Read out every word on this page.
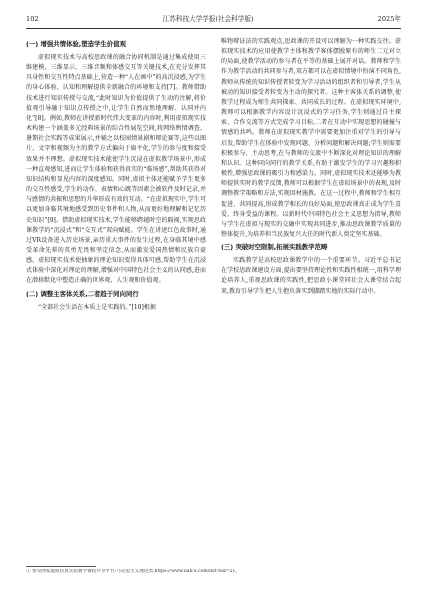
102	江苏科技大学学报(社会科学版)	2025年
(一) 增强共情体验,塑造学生价值观

虚拟现实技术与高校思政课的融合协同机制是通过集成使用三维建模、三维显示、三维音频和体感交互等关键技术,在充分发挥其具身性和交互性特点基础上,营造一种“人在画中”的高沉浸感,为学生的身心体验、认知和理解提供全新融合的环境和支持[7]。教师借助技术进行知识传授与交流,“此时知识为价值提供了生动的注解,将价值观引导融于知识点传授之中,让学生自然而然地理解、认同并内化”[8]。例如,教师在讲授新时代伟大变革的内容时,利用虚拟现实技术构建一个涵盖多元经典场景的综合性展览空间,将网络舆情调查、暑期社会实践等成果展示,并辅之以校园情景剧和辩论赛等,这些以图片、文字和视频为主的教学方式偏向于扁平化,学生的参与度和接受效果并不理想。虚拟现实技术能使学生沉浸在虚拟教学场景中,形成一种直观感知,进而让学生体验和获得真实的“临场感”,帮助其获得对知识结构和显见内容的深度感知。同时,虚拟主体还能赋予学生更多的交互性感受,学生的动作、表情和心跳等因素会被软件及时记录,并与感情的共振和思想的升华形成有效的互动。“在虚拟现实中,学生可以更加身临其境地感受到历史事件和人物,从而更好地理解和记忆历史知识”[9]。借助虚拟现实技术,学生能够跨越时空的隔阂,实现思政课教学的“沉浸式”和“交互式”双向赋能。学生在讲述红色故事时,通过VR设备进入历史场景,亲历重大事件的发生过程,在身临其境中感受革命先辈的英勇无畏和坚定信念,从而激发爱国热情和民族自豪感。虚拟现实技术使抽象的理论知识变得具体可感,帮助学生在沉浸式体验中深化对理论的理解,增强对中国特色社会主义的认同感,进而在潜移默化中塑造正确的世界观、人生观和价值观。

(二) 调整主客体关系,二者趋于同向同行

“全部社会生活在本质上是实践的。”[10]根据

唯物辩证法的实践观点,思政课的开设可以理解为一种实践交往。虚拟现实技术的应用使教学主体和教学客体摆脱原有的师生二元对立的局面,使教学活动的参与者在平等的基础上展开对话。教师和学生作为教学活动的共同参与者,双方都可以在虚拟情境中扮演不同角色,教师从传统的知识传授者转变为学习活动的组织者和引导者,学生从被动的知识接受者转变为主动的探究者。这种主客体关系的调整,使教学过程成为师生共同探索、共同成长的过程。在虚拟现实环境中,教师可以根据教学内容设计沉浸式的学习任务,学生则通过自主探索、合作交流等方式完成学习目标,二者在互动中实现思想的碰撞与情感的共鸣。教师在虚拟现实教学中需要更加注重对学生的引导与启发,帮助学生在体验中发现问题、分析问题和解决问题;学生则需要积极参与、主动思考,在与教师的交流中不断深化对理论知识的理解和认识。这种同向同行的教学关系,有助于激发学生的学习兴趣和积极性,增强思政课的吸引力和感染力。同时,虚拟现实技术还能够为教师提供实时的教学反馈,教师可以根据学生在虚拟场景中的表现,及时调整教学策略和方法,实现因材施教。在这一过程中,教师和学生相互促进、共同提高,形成教学相长的良好局面,使思政课真正成为学生喜爱、终身受益的课程。以新时代中国特色社会主义思想为指导,教师与学生在虚拟与现实的交融中实现共同进步,推动思政课教学质量的整体提升,为培养担当民族复兴大任的时代新人奠定坚实基础。

(三) 突破时空限制,拓展实践教学范畴

实践教学是高校思政课教学中的一个重要环节。习近平总书记在学校思政课建设方面,提出要坚持理论性和实践性相统一,用科学理论培养人,重视思政课的实践性,把思政小课堂同社会大课堂结合起来,教育引导学生把人生抱负落实到脚踏实地的实际行动中。

① 参见网家虚拟仿真实验教学课程共享平台:马克思主义理论类,https://www.ilab-x.com/list?sid=21。
